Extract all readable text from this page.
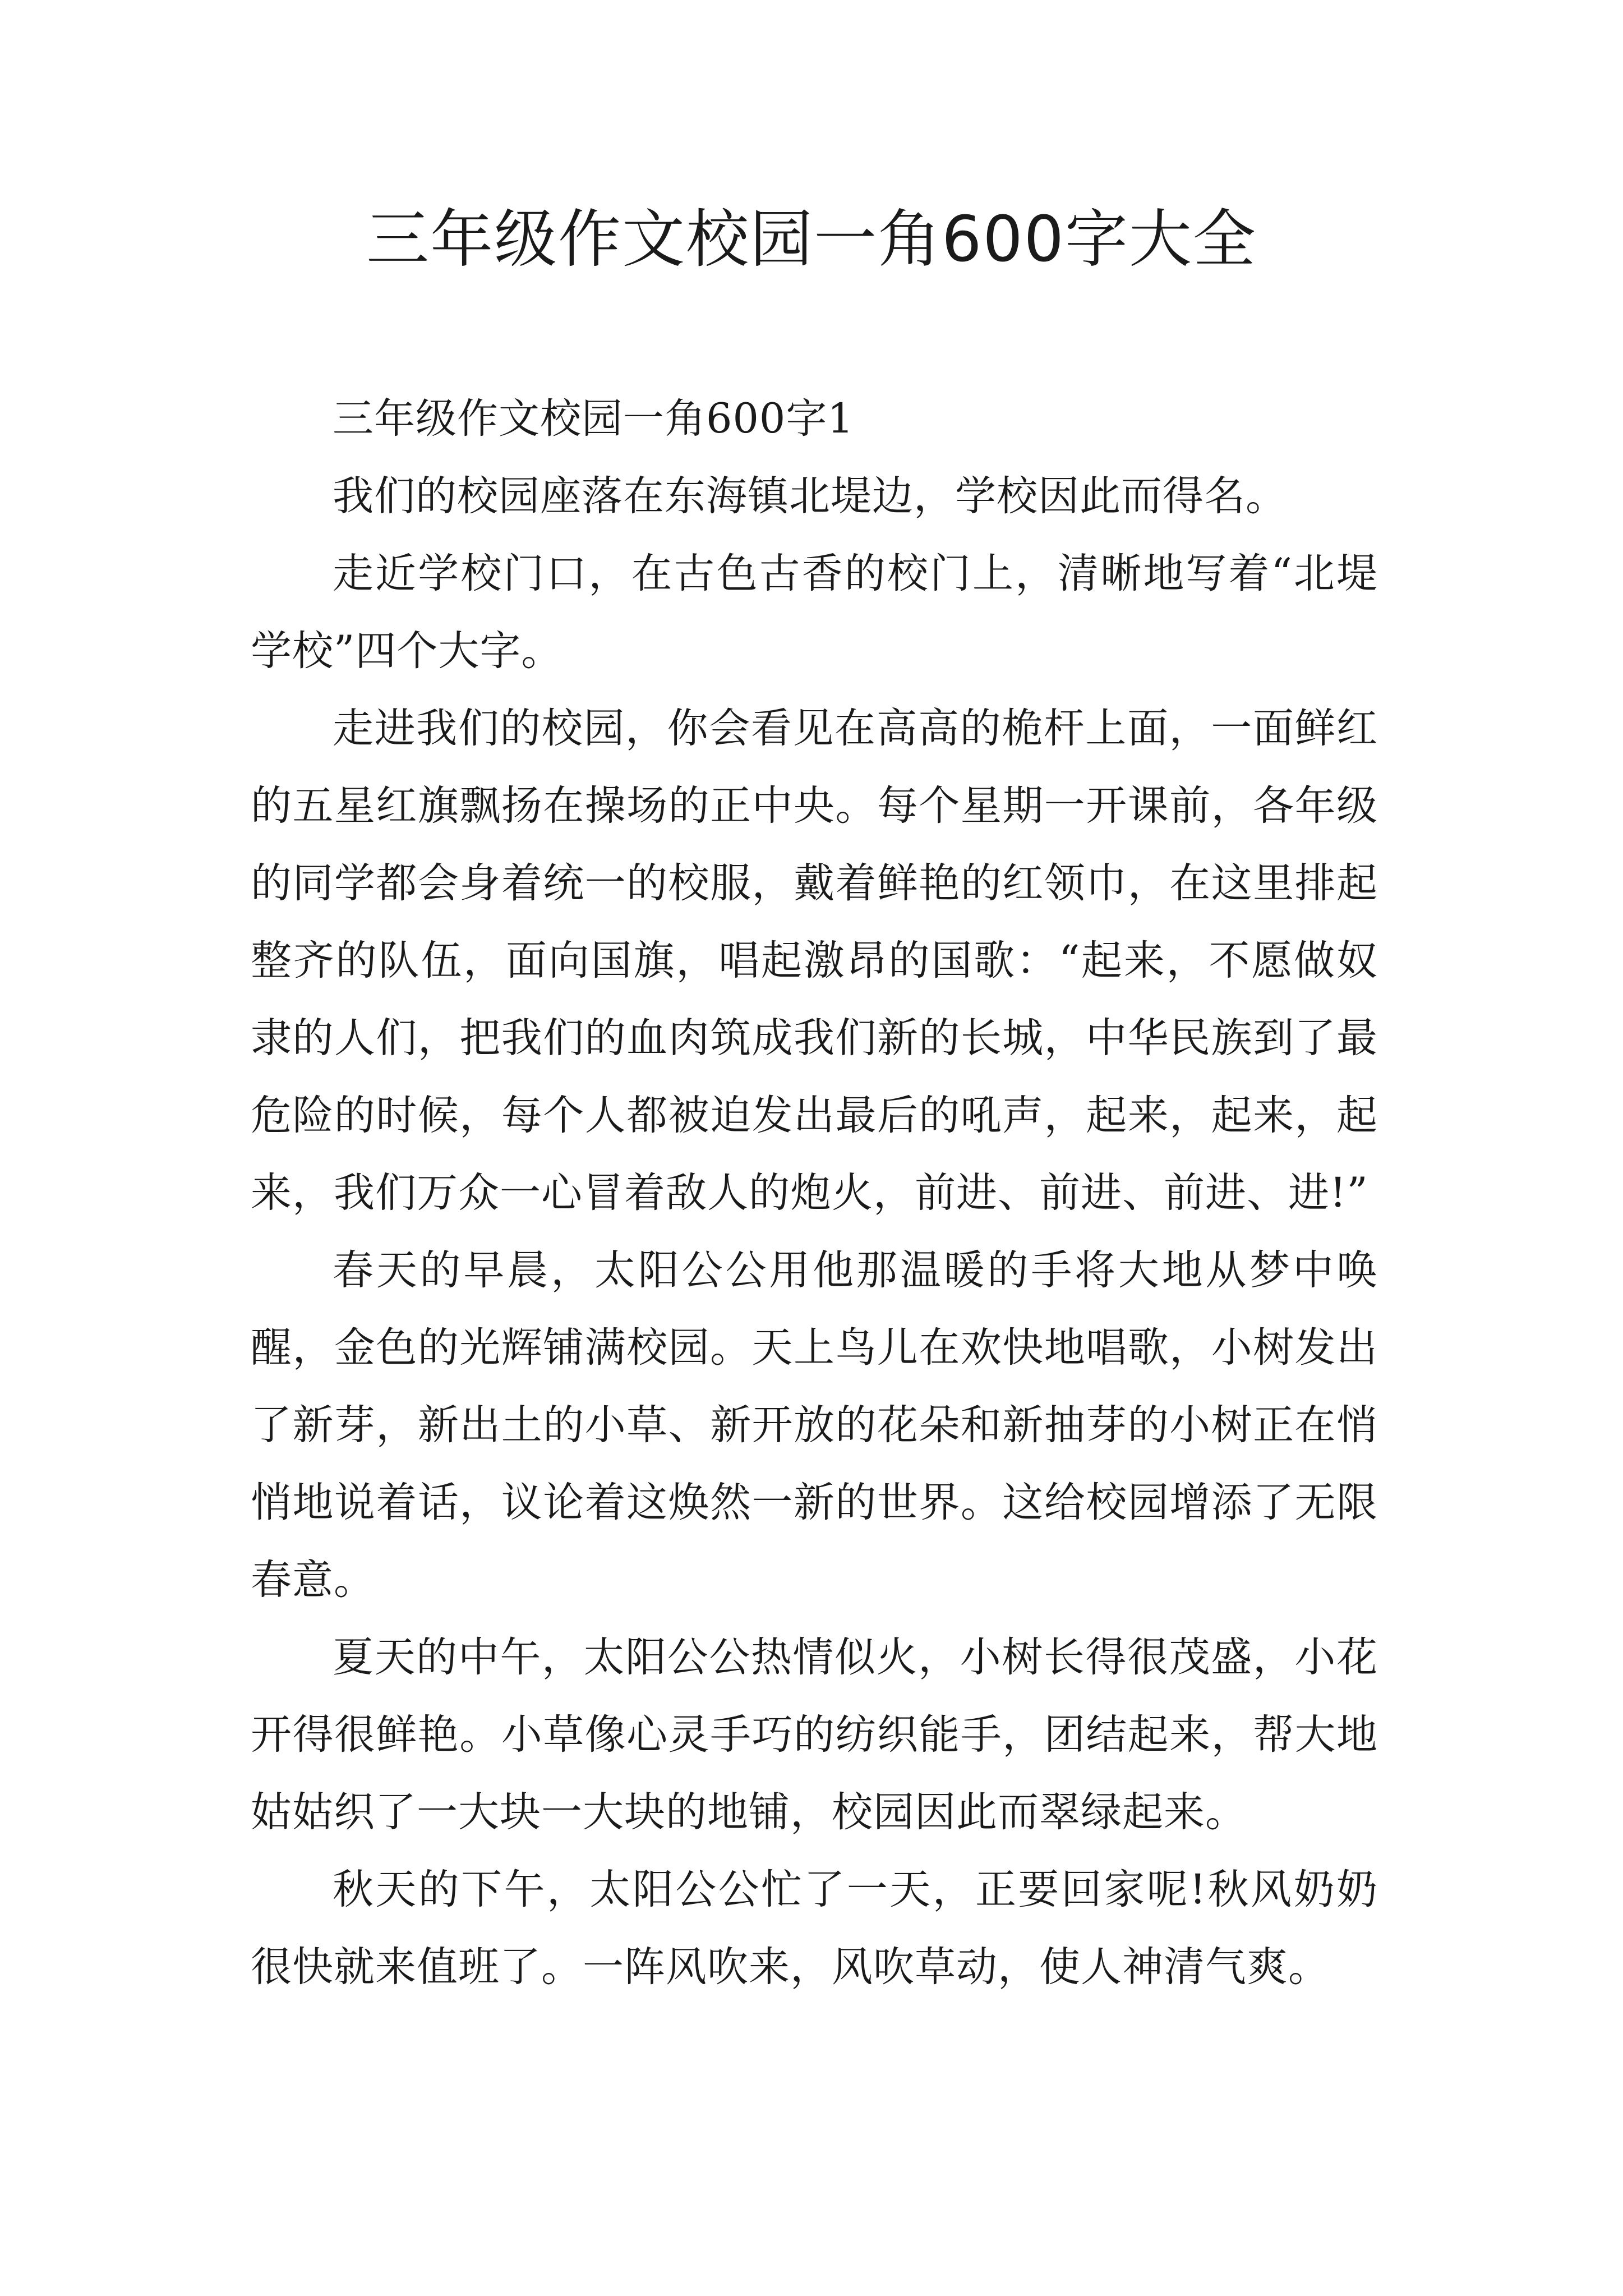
三年级作文校园一角600字大全

三年级作文校园一角600字1

我们的校园座落在东海镇北堤边，学校因此而得名。

走近学校门口，在古色古香的校门上，清晰地写着“北堤学校”四个大字。

走进我们的校园，你会看见在高高的桅杆上面，一面鲜红的五星红旗飘扬在操场的正中央。每个星期一开课前，各年级的同学都会身着统一的校服，戴着鲜艳的红领巾，在这里排起整齐的队伍，面向国旗，唱起激昂的国歌：“起来，不愿做奴隶的人们，把我们的血肉筑成我们新的长城，中华民族到了最危险的时候，每个人都被迫发出最后的吼声，起来，起来，起来，我们万众一心冒着敌人的炮火，前进、前进、前进、进!”

春天的早晨，太阳公公用他那温暖的手将大地从梦中唤醒，金色的光辉铺满校园。天上鸟儿在欢快地唱歌，小树发出了新芽，新出土的小草、新开放的花朵和新抽芽的小树正在悄悄地说着话，议论着这焕然一新的世界。这给校园增添了无限春意。

夏天的中午，太阳公公热情似火，小树长得很茂盛，小花开得很鲜艳。小草像心灵手巧的纺织能手，团结起来，帮大地姑姑织了一大块一大块的地铺，校园因此而翠绿起来。

秋天的下午，太阳公公忙了一天，正要回家呢!秋风奶奶很快就来值班了。一阵风吹来，风吹草动，使人神清气爽。
